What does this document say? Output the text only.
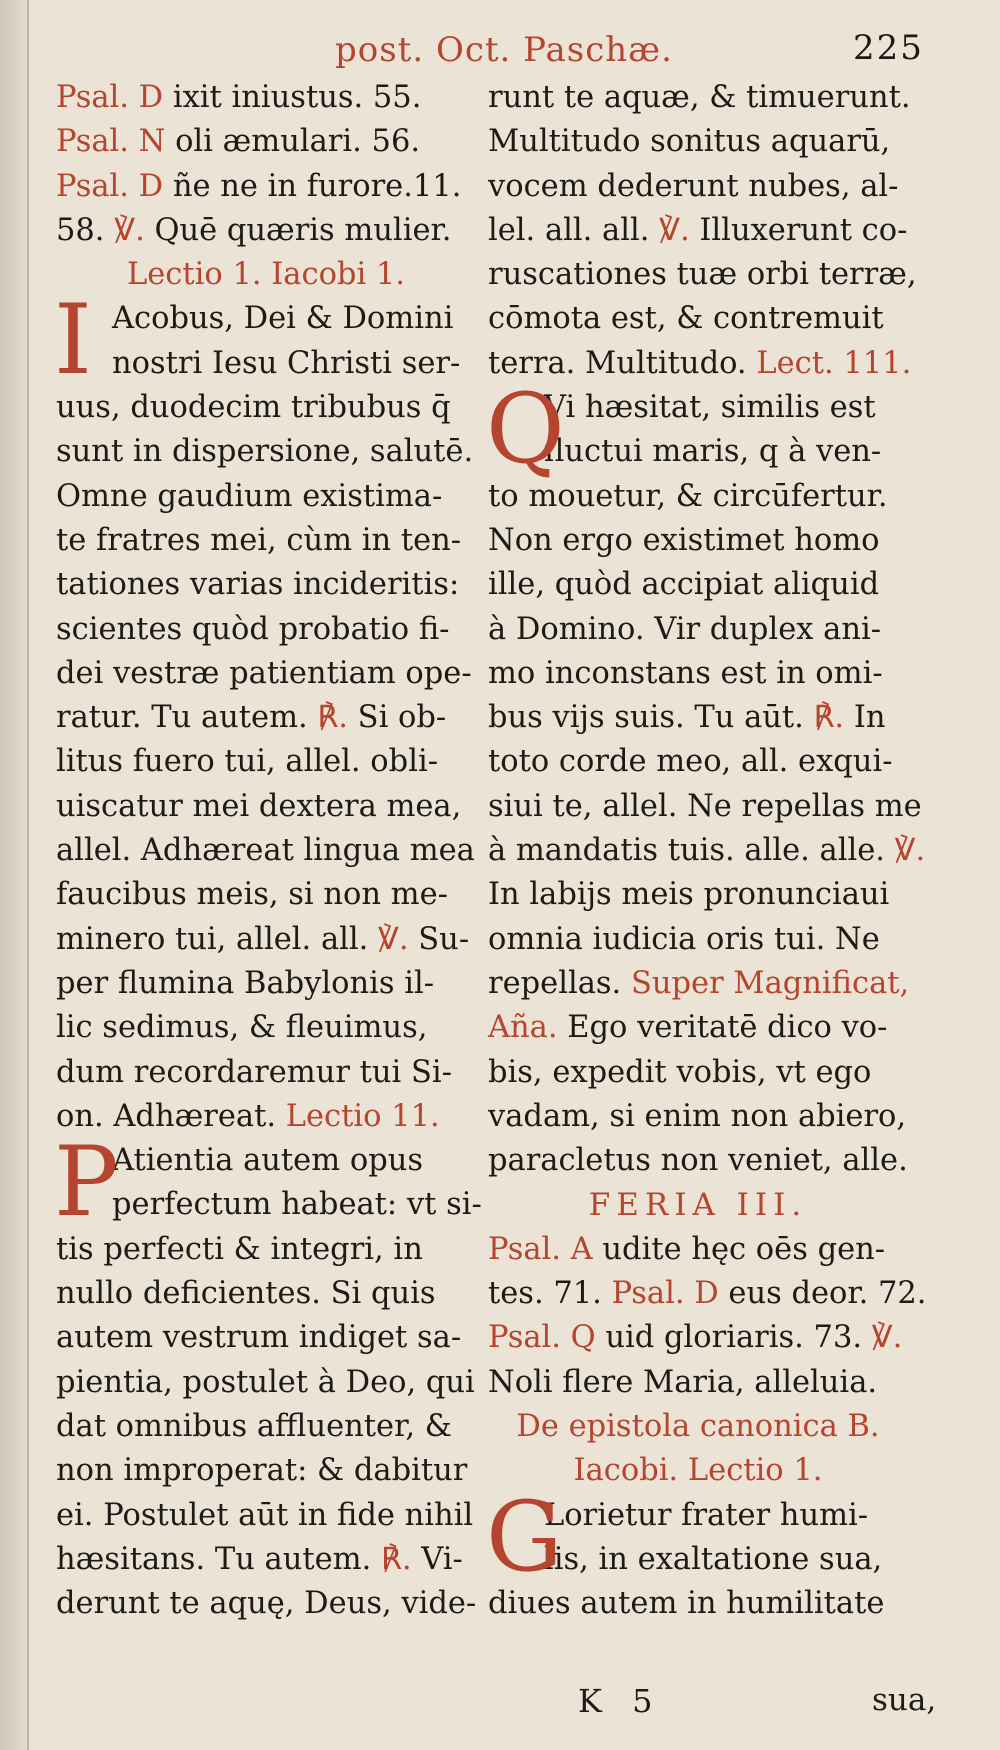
post. Oct. Paschæ.	225
Psal. D ixit iniustus. 55.
Psal. N oli æmulari. 56.
Psal. D ñe ne in furore.11.
58. ℣. Quē quæris mulier.
Lectio 1. Iacobi 1.
I Acobus, Dei & Domini
nostri Iesu Christi ser-
uus, duodecim tribubus q̄
sunt in dispersione, salutē.
Omne gaudium existima-
te fratres mei, cùm in ten-
tationes varias incideritis:
scientes quòd probatio fi-
dei vestræ patientiam ope-
ratur. Tu autem. ℟. Si ob-
litus fuero tui, allel. obli-
uiscatur mei dextera mea,
allel. Adhæreat lingua mea
faucibus meis, si non me-
minero tui, allel. all. ℣. Su-
per flumina Babylonis il-
lic sedimus, & fleuimus,
dum recordaremur tui Si-
on. Adhæreat. Lectio 11.
P
Atientia autem opus
perfectum habeat: vt si-
tis perfecti & integri, in
nullo deficientes. Si quis
autem vestrum indiget sa-
pientia, postulet à Deo, qui
dat omnibus affluenter, &
non improperat: & dabitur
ei. Postulet aūt in fide nihil
hæsitans. Tu autem. ℟. Vi-
derunt te aquę, Deus, vide-
runt te aquæ, & timuerunt.
Multitudo sonitus aquarū,
vocem dederunt nubes, al-
lel. all. all. ℣. Illuxerunt co-
ruscationes tuæ orbi terræ,
cōmota est, & contremuit
terra. Multitudo. Lect. 111.
Q
Vi hæsitat, similis est
fluctui maris, q à ven-
to mouetur, & circūfertur.
Non ergo existimet homo
ille, quòd accipiat aliquid
à Domino. Vir duplex ani-
mo inconstans est in omi-
bus vijs suis. Tu aūt. ℟. In
toto corde meo, all. exqui-
siui te, allel. Ne repellas me
à mandatis tuis. alle. alle. ℣.
In labijs meis pronunciaui
omnia iudicia oris tui. Ne
repellas. Super Magnificat,
Aña. Ego veritatē dico vo-
bis, expedit vobis, vt ego
vadam, si enim non abiero,
paracletus non veniet, alle.
FERIA III.
Psal. A udite hęc oēs gen-
tes. 71. Psal. D eus deor. 72.
Psal. Q uid gloriaris. 73. ℣.
Noli flere Maria, alleluia.
De epistola canonica B.
Iacobi. Lectio 1.
G
Lorietur frater humi-
lis, in exaltatione sua,
diues autem in humilitate
K 5	sua,
